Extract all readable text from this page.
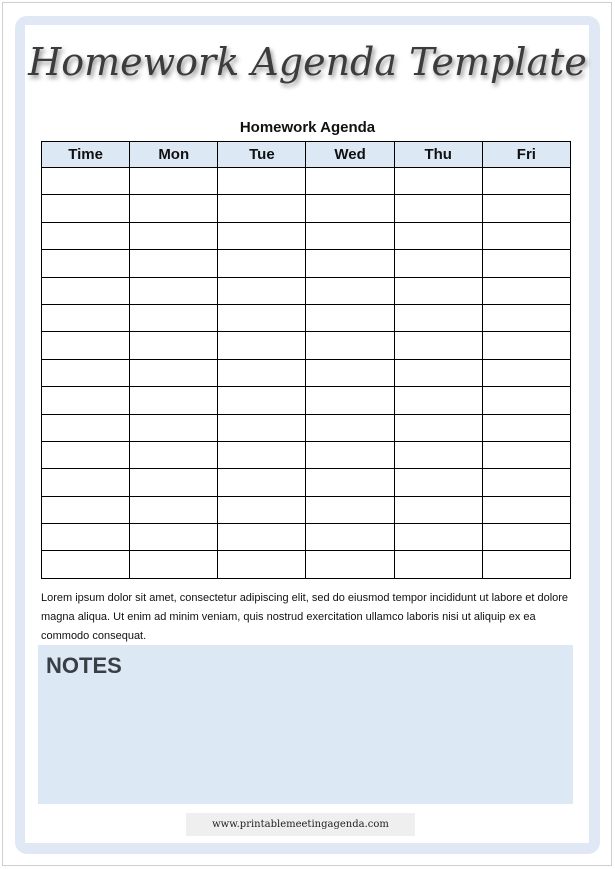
Homework Agenda Template
Homework Agenda
Time	Mon	Tue	Wed	Thu	Fri

Lorem ipsum dolor sit amet, consectetur adipiscing elit, sed do eiusmod tempor incididunt ut labore et dolore magna aliqua. Ut enim ad minim veniam, quis nostrud exercitation ullamco laboris nisi ut aliquip ex ea commodo consequat.
NOTES
www.printablemeetingagenda.com
